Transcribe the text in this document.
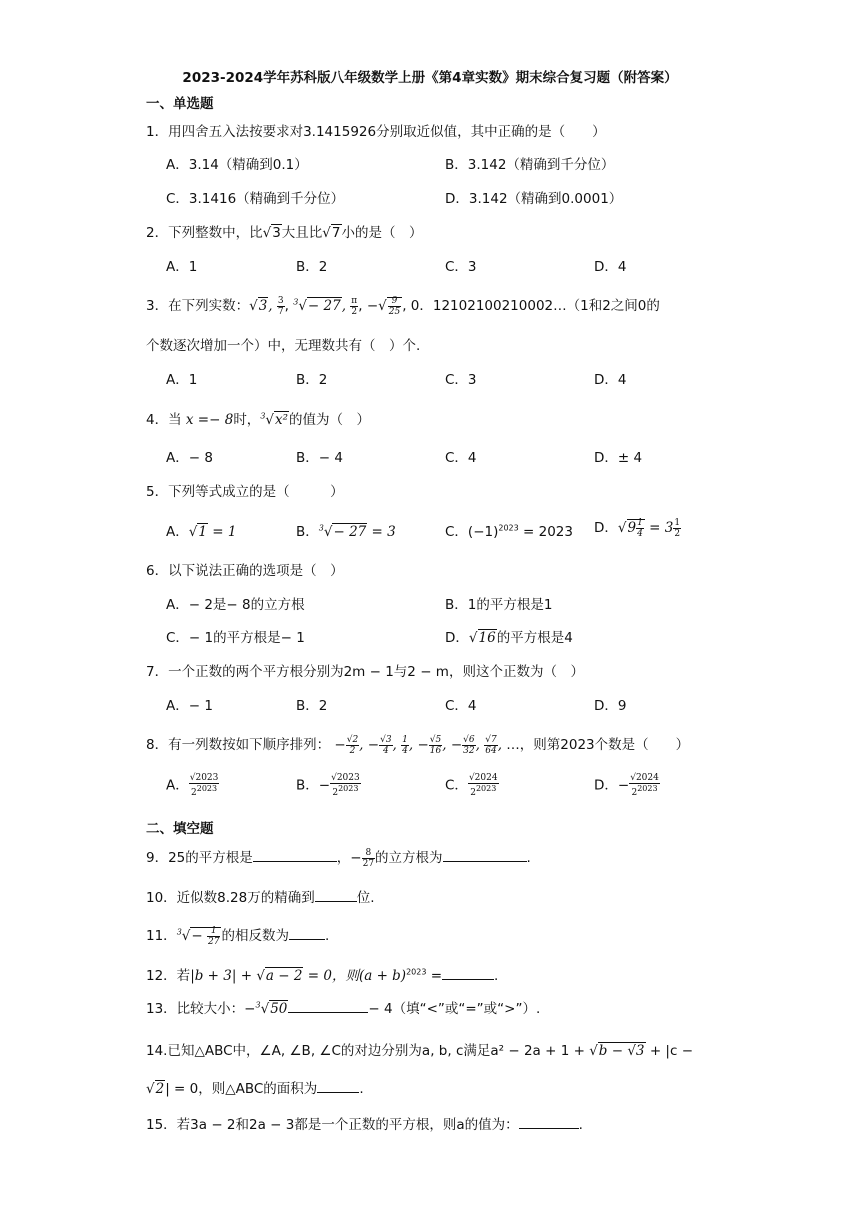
2023-2024学年苏科版八年级数学上册《第4章实数》期末综合复习题（附答案）
一、单选题
1．用四舍五入法按要求对3.1415926分别取近似值，其中正确的是（　　）
A．3.14（精确到0.1）	B．3.142（精确到千分位）
C．3.1416（精确到千分位）	D．3.142（精确到0.0001）
2．下列整数中，比√3大且比√7小的是（　）
A．1	B．2	C．3	D．4
3．在下列实数：√3, $\frac{3}{7}$ , $^3$√− 27, $\frac{\pi}{2}$ , −√ $\frac{9}{25}$ , 0．12102100210002…（1和2之间0的
个数逐次增加一个）中，无理数共有（　）个.
A．1	B．2	C．3	D．4
4．当 x =− 8时，$^3$√x²的值为（　）
A．− 8	B．− 4	C．4	D．± 4
5．下列等式成立的是（　　　）
A．√1 = 1	B．$^3$√− 27 = 3	C．$(-1)^{2023} = 2023$ D．$√9 \frac{1}{4} = 3 \frac{1}{2}$
6．以下说法正确的选项是（　）
A．− 2是− 8的立方根	B．1的平方根是1
C．− 1的平方根是− 1	D．√16的平方根是4
7．一个正数的两个平方根分别为2m − 1与2 − m，则这个正数为（　）
A．− 1	B．2	C．4	D．9
8．有一列数按如下顺序排列： − $\frac{√2}{2}$ , − $\frac{√3}{4}$ , $\frac{1}{4}$ , − $\frac{√5}{16}$ , − $\frac{√6}{32}$ , $\frac{√7}{64}$ , …，则第2023个数是（　　）
A． $\frac{√2023}{2^{2023}}$	B．− $\frac{√2023}{2^{2023}}$	C． $\frac{√2024}{2^{2023}}$	D．− $\frac{√2024}{2^{2023}}$
二、填空题
9．25的平方根是	，− $\frac{8}{27}$ 的立方根为	.
10．近似数8.28万的精确到	位.
11．$^3√- \frac{1}{27}$ 的相反数为	.
12．若|b + 3| + √a − 2 = 0，则$(a + b)^{2023}$ =	.
13．比较大小：−$^3$√50	− 4（填“<”或“=”或“>”）.
14.已知△ABC中，∠A, ∠B, ∠C的对边分别为a, b, c满足a² − 2a + 1 + √b − √3 + |c −
√2| = 0，则△ABC的面积为	.
15．若3a − 2和2a − 3都是一个正数的平方根，则a的值为：	.
